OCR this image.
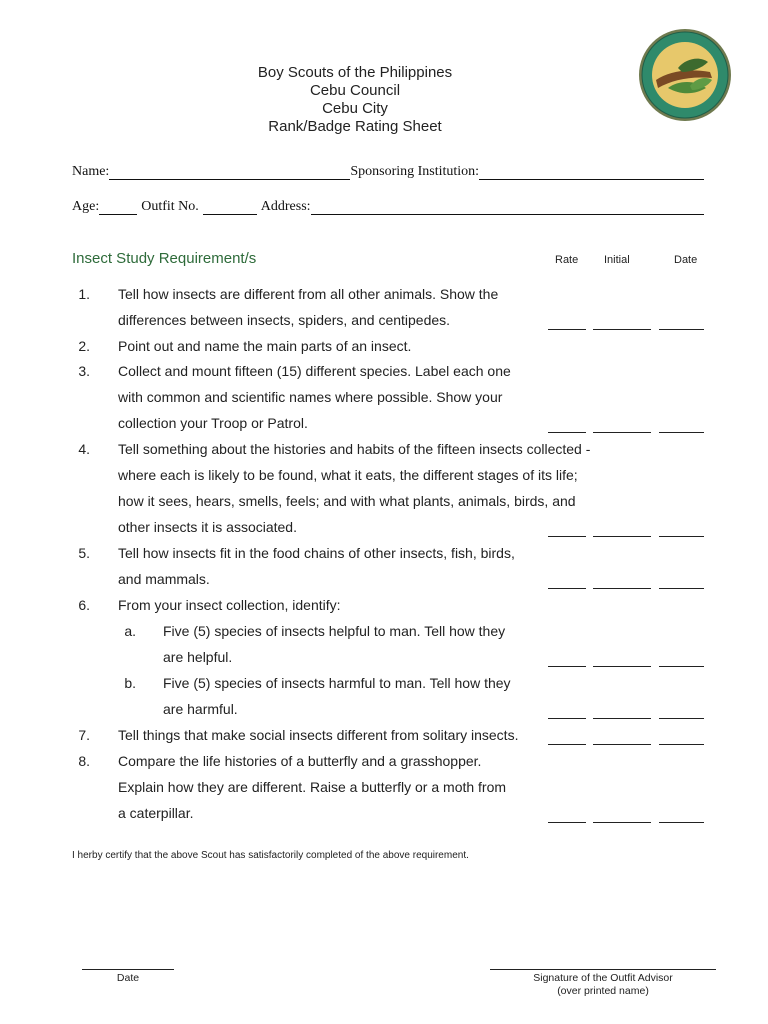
Boy Scouts of the Philippines
Cebu Council
Cebu City
Rank/Badge Rating Sheet
Name:	Sponsoring Institution:
Age:	Outfit No.	Address:
Insect Study Requirement/s	Rate Initial	Date
1. Tell how insects are different from all other animals. Show the
differences between insects, spiders, and centipedes.
2. Point out and name the main parts of an insect.
3. Collect and mount fifteen (15) different species. Label each one
with common and scientific names where possible. Show your
collection your Troop or Patrol.
4. Tell something about the histories and habits of the fifteen insects collected -
where each is likely to be found, what it eats, the different stages of its life;
how it sees, hears, smells, feels; and with what plants, animals, birds, and
other insects it is associated.
5. Tell how insects fit in the food chains of other insects, fish, birds,
and mammals.
6. From your insect collection, identify:
a. Five (5) species of insects helpful to man. Tell how they
are helpful.
b. Five (5) species of insects harmful to man. Tell how they
are harmful.
7. Tell things that make social insects different from solitary insects.
8. Compare the life histories of a butterfly and a grasshopper.
Explain how they are different. Raise a butterfly or a moth from
a caterpillar.
I herby certify that the above Scout has satisfactorily completed of the above requirement.
Date	Signature of the Outfit Advisor
(over printed name)
